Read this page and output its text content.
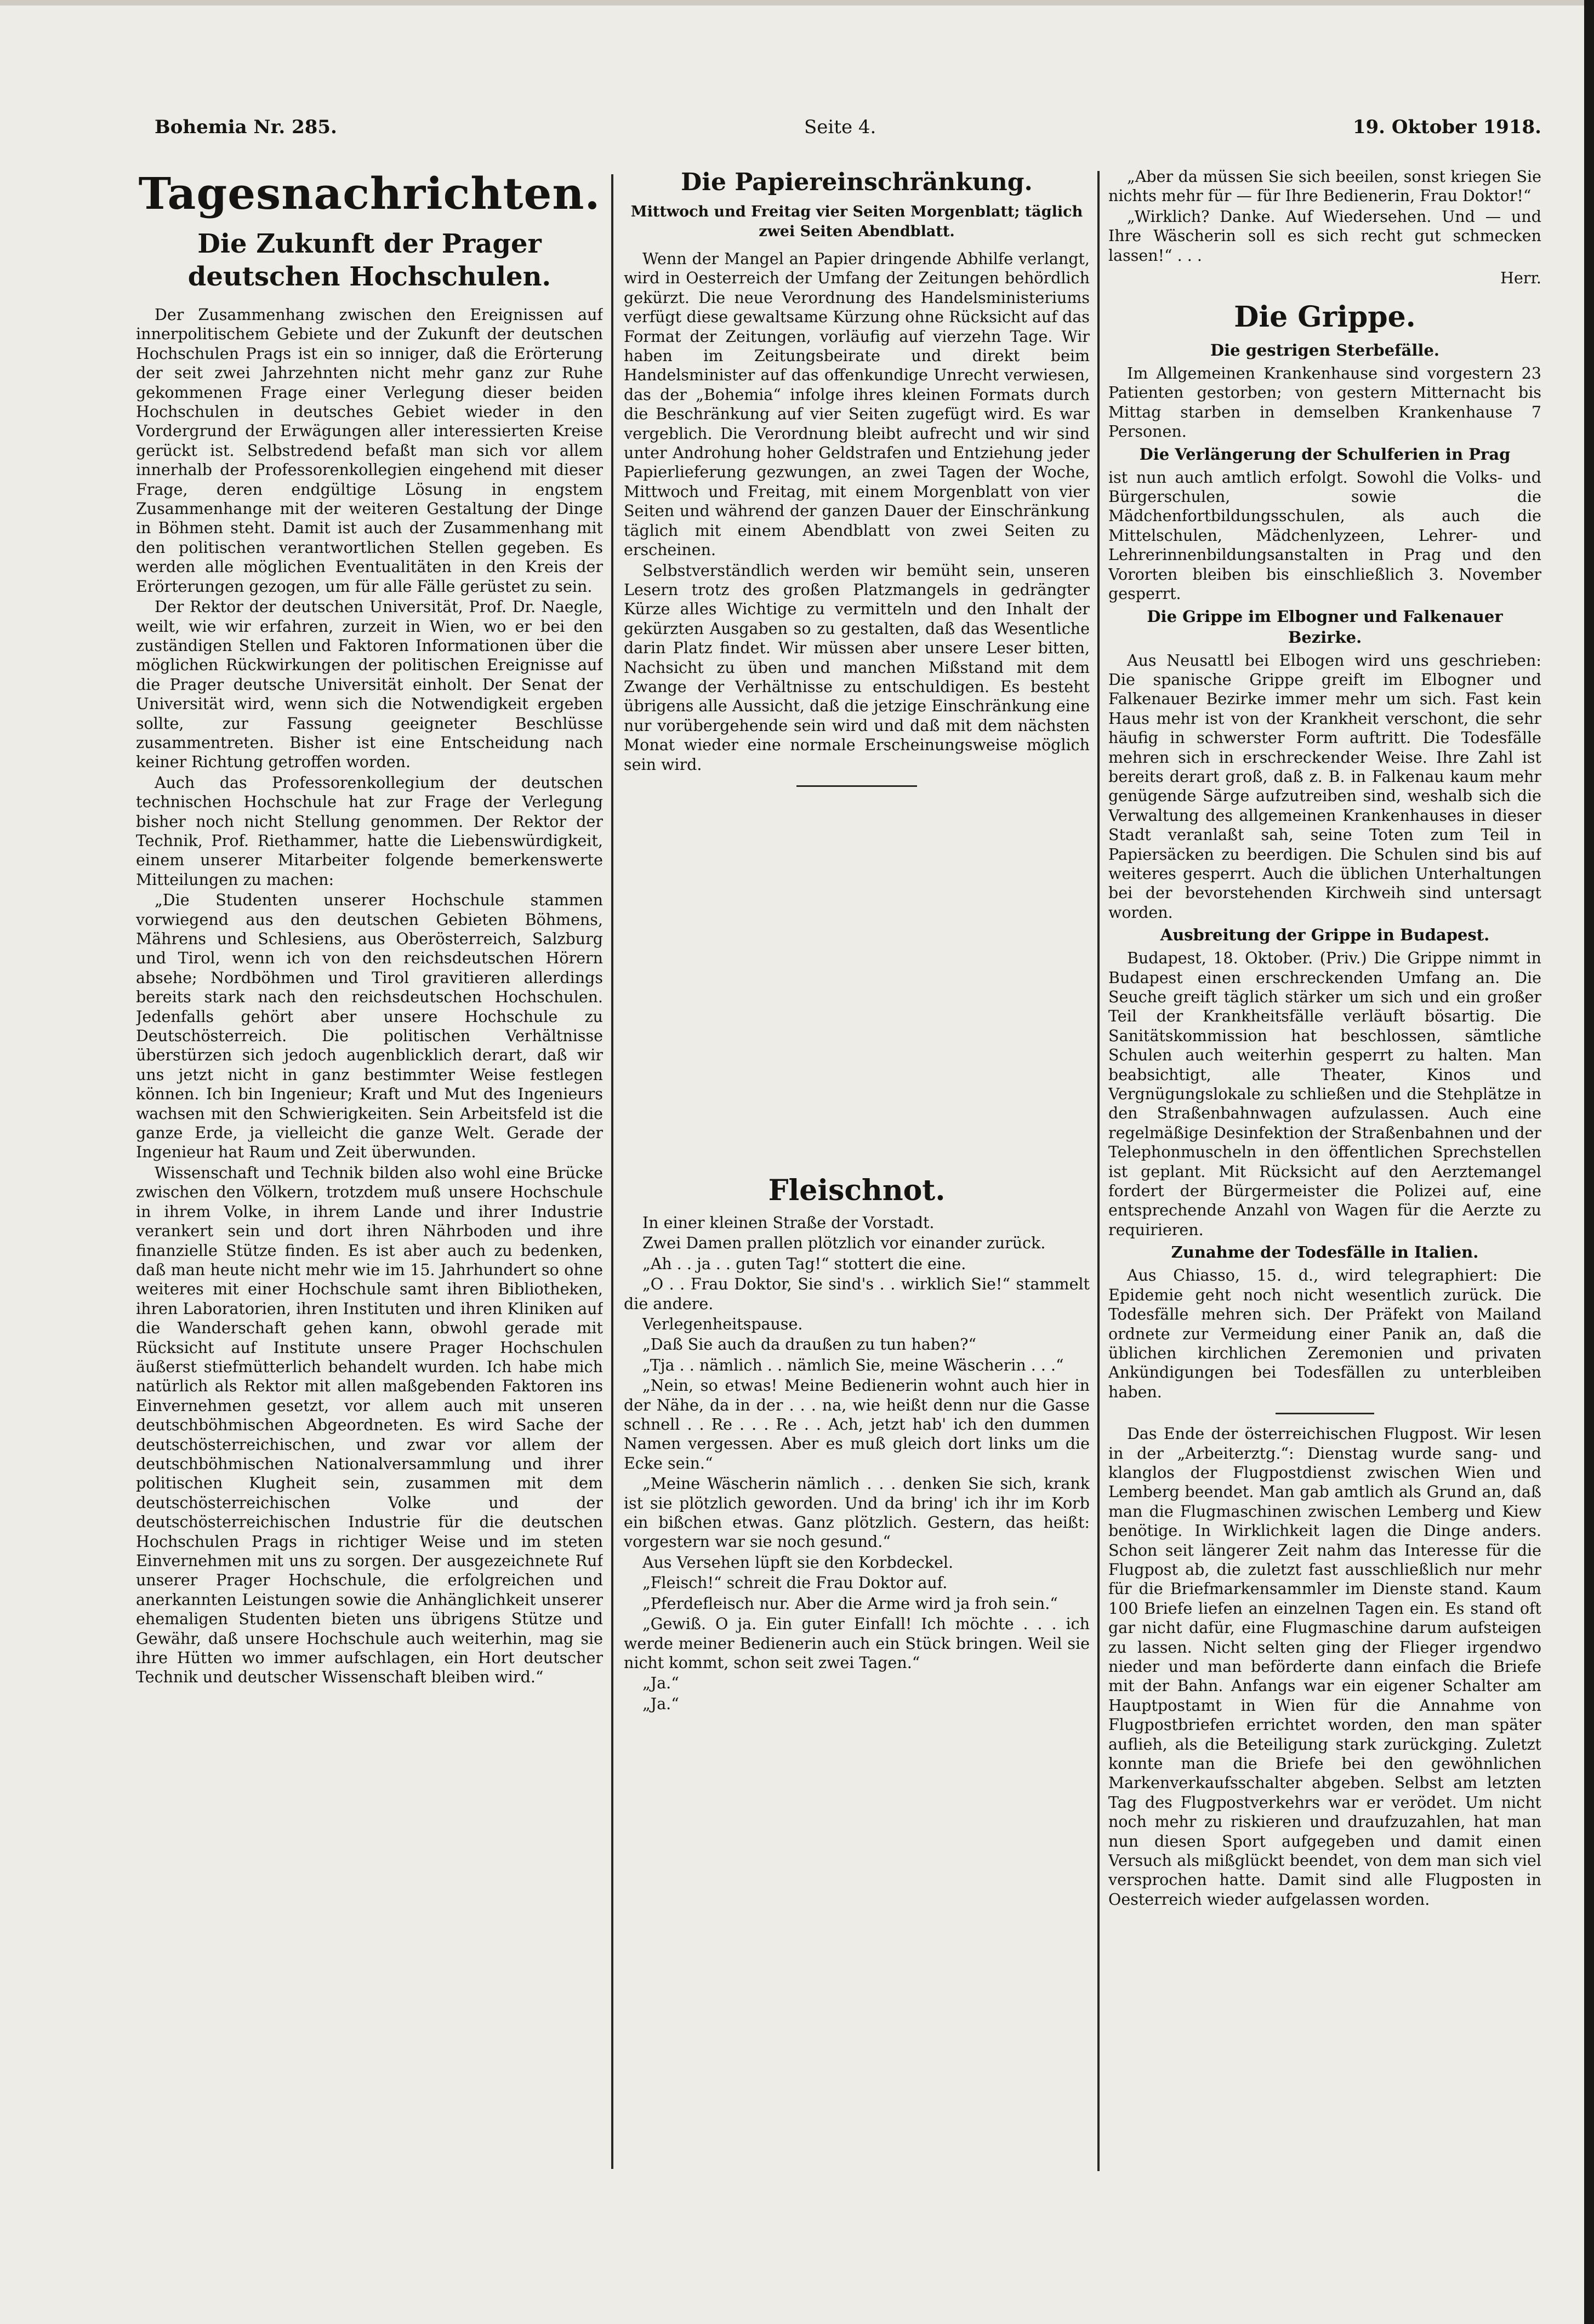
Bohemia Nr. 285.	Seite 4.	19. Oktober 1918.
Tagesnachrichten.
Die Zukunft der Prager deutschen Hochschulen.

Der Zusammenhang zwischen den Ereignissen auf innerpolitischem Gebiete und der Zukunft der deutschen Hochschulen Prags ist ein so inniger, daß die Erörterung der seit zwei Jahrzehnten nicht mehr ganz zur Ruhe gekommenen Frage einer Verlegung dieser beiden Hochschulen in deutsches Gebiet wieder in den Vordergrund der Erwägungen aller interessierten Kreise gerückt ist. Selbstredend befaßt man sich vor allem innerhalb der Professorenkollegien eingehend mit dieser Frage, deren endgültige Lösung in engstem Zusammenhange mit der weiteren Gestaltung der Dinge in Böhmen steht. Damit ist auch der Zusammenhang mit den politischen verantwortlichen Stellen gegeben. Es werden alle möglichen Eventualitäten in den Kreis der Erörterungen gezogen, um für alle Fälle gerüstet zu sein.

Der Rektor der deutschen Universität, Prof. Dr. Naegle, weilt, wie wir erfahren, zurzeit in Wien, wo er bei den zuständigen Stellen und Faktoren Informationen über die möglichen Rückwirkungen der politischen Ereignisse auf die Prager deutsche Universität einholt. Der Senat der Universität wird, wenn sich die Notwendigkeit ergeben sollte, zur Fassung geeigneter Beschlüsse zusammentreten. Bisher ist eine Entscheidung nach keiner Richtung getroffen worden.

Auch das Professorenkollegium der deutschen technischen Hochschule hat zur Frage der Verlegung bisher noch nicht Stellung genommen. Der Rektor der Technik, Prof. Riethammer, hatte die Liebenswürdigkeit, einem unserer Mitarbeiter folgende bemerkenswerte Mitteilungen zu machen:

„Die Studenten unserer Hochschule stammen vorwiegend aus den deutschen Gebieten Böhmens, Mährens und Schlesiens, aus Oberösterreich, Salzburg und Tirol, wenn ich von den reichsdeutschen Hörern absehe; Nordböhmen und Tirol gravitieren allerdings bereits stark nach den reichsdeutschen Hochschulen. Jedenfalls gehört aber unsere Hochschule zu Deutschösterreich. Die politischen Verhältnisse überstürzen sich jedoch augenblicklich derart, daß wir uns jetzt nicht in ganz bestimmter Weise festlegen können. Ich bin Ingenieur; Kraft und Mut des Ingenieurs wachsen mit den Schwierigkeiten. Sein Arbeitsfeld ist die ganze Erde, ja vielleicht die ganze Welt. Gerade der Ingenieur hat Raum und Zeit überwunden.

Wissenschaft und Technik bilden also wohl eine Brücke zwischen den Völkern, trotzdem muß unsere Hochschule in ihrem Volke, in ihrem Lande und ihrer Industrie verankert sein und dort ihren Nährboden und ihre finanzielle Stütze finden. Es ist aber auch zu bedenken, daß man heute nicht mehr wie im 15. Jahrhundert so ohne weiteres mit einer Hochschule samt ihren Bibliotheken, ihren Laboratorien, ihren Instituten und ihren Kliniken auf die Wanderschaft gehen kann, obwohl gerade mit Rücksicht auf Institute unsere Prager Hochschulen äußerst stiefmütterlich behandelt wurden. Ich habe mich natürlich als Rektor mit allen maßgebenden Faktoren ins Einvernehmen gesetzt, vor allem auch mit unseren deutschböhmischen Abgeordneten. Es wird Sache der deutschösterreichischen, und zwar vor allem der deutschböhmischen Nationalversammlung und ihrer politischen Klugheit sein, zusammen mit dem deutschösterreichischen Volke und der deutschösterreichischen Industrie für die deutschen Hochschulen Prags in richtiger Weise und im steten Einvernehmen mit uns zu sorgen. Der ausgezeichnete Ruf unserer Prager Hochschule, die erfolgreichen und anerkannten Leistungen sowie die Anhänglichkeit unserer ehemaligen Studenten bieten uns übrigens Stütze und Gewähr, daß unsere Hochschule auch weiterhin, mag sie ihre Hütten wo immer aufschlagen, ein Hort deutscher Technik und deutscher Wissenschaft bleiben wird.“

Die Papiereinschränkung.
Mittwoch und Freitag vier Seiten Morgenblatt; täglich zwei Seiten Abendblatt.

Wenn der Mangel an Papier dringende Abhilfe verlangt, wird in Oesterreich der Umfang der Zeitungen behördlich gekürzt. Die neue Verordnung des Handelsministeriums verfügt diese gewaltsame Kürzung ohne Rücksicht auf das Format der Zeitungen, vorläufig auf vierzehn Tage. Wir haben im Zeitungsbeirate und direkt beim Handelsminister auf das offenkundige Unrecht verwiesen, das der „Bohemia“ infolge ihres kleinen Formats durch die Beschränkung auf vier Seiten zugefügt wird. Es war vergeblich. Die Verordnung bleibt aufrecht und wir sind unter Androhung hoher Geldstrafen und Entziehung jeder Papierlieferung gezwungen, an zwei Tagen der Woche, Mittwoch und Freitag, mit einem Morgenblatt von vier Seiten und während der ganzen Dauer der Einschränkung täglich mit einem Abendblatt von zwei Seiten zu erscheinen.

Selbstverständlich werden wir bemüht sein, unseren Lesern trotz des großen Platzmangels in gedrängter Kürze alles Wichtige zu vermitteln und den Inhalt der gekürzten Ausgaben so zu gestalten, daß das Wesentliche darin Platz findet. Wir müssen aber unsere Leser bitten, Nachsicht zu üben und manchen Mißstand mit dem Zwange der Verhältnisse zu entschuldigen. Es besteht übrigens alle Aussicht, daß die jetzige Einschränkung eine nur vorübergehende sein wird und daß mit dem nächsten Monat wieder eine normale Erscheinungsweise möglich sein wird.

Fleischnot.

In einer kleinen Straße der Vorstadt.

Zwei Damen prallen plötzlich vor einander zurück.

„Ah . . ja . . guten Tag!“ stottert die eine.

„O . . Frau Doktor, Sie sind's . . wirklich Sie!“ stammelt die andere.

Verlegenheitspause.

„Daß Sie auch da draußen zu tun haben?“

„Tja . . nämlich . . nämlich Sie, meine Wäscherin . . .“

„Nein, so etwas! Meine Bedienerin wohnt auch hier in der Nähe, da in der . . . na, wie heißt denn nur die Gasse schnell . . Re . . . Re . . Ach, jetzt hab' ich den dummen Namen vergessen. Aber es muß gleich dort links um die Ecke sein.“

„Meine Wäscherin nämlich . . . denken Sie sich, krank ist sie plötzlich geworden. Und da bring' ich ihr im Korb ein bißchen etwas. Ganz plötzlich. Gestern, das heißt: vorgestern war sie noch gesund.“

Aus Versehen lüpft sie den Korbdeckel.

„Fleisch!“ schreit die Frau Doktor auf.

„Pferdefleisch nur. Aber die Arme wird ja froh sein.“

„Gewiß. O ja. Ein guter Einfall! Ich möchte . . . ich werde meiner Bedienerin auch ein Stück bringen. Weil sie nicht kommt, schon seit zwei Tagen.“

„Ja.“

„Ja.“

„Aber da müssen Sie sich beeilen, sonst kriegen Sie nichts mehr für — für Ihre Bedienerin, Frau Doktor!“

„Wirklich? Danke. Auf Wiedersehen. Und — und Ihre Wäscherin soll es sich recht gut schmecken lassen!“ . . .

Herr.
Die Grippe.
Die gestrigen Sterbefälle.

Im Allgemeinen Krankenhause sind vorgestern 23 Patienten gestorben; von gestern Mitternacht bis Mittag starben in demselben Krankenhause 7 Personen.

Die Verlängerung der Schulferien in Prag

ist nun auch amtlich erfolgt. Sowohl die Volks- und Bürgerschulen, sowie die Mädchenfortbildungsschulen, als auch die Mittelschulen, Mädchenlyzeen, Lehrer- und Lehrerinnenbildungsanstalten in Prag und den Vororten bleiben bis einschließlich 3. November gesperrt.

Die Grippe im Elbogner und Falkenauer Bezirke.

Aus Neusattl bei Elbogen wird uns geschrieben: Die spanische Grippe greift im Elbogner und Falkenauer Bezirke immer mehr um sich. Fast kein Haus mehr ist von der Krankheit verschont, die sehr häufig in schwerster Form auftritt. Die Todesfälle mehren sich in erschreckender Weise. Ihre Zahl ist bereits derart groß, daß z. B. in Falkenau kaum mehr genügende Särge aufzutreiben sind, weshalb sich die Verwaltung des allgemeinen Krankenhauses in dieser Stadt veranlaßt sah, seine Toten zum Teil in Papiersäcken zu beerdigen. Die Schulen sind bis auf weiteres gesperrt. Auch die üblichen Unterhaltungen bei der bevorstehenden Kirchweih sind untersagt worden.

Ausbreitung der Grippe in Budapest.

Budapest, 18. Oktober. (Priv.) Die Grippe nimmt in Budapest einen erschreckenden Umfang an. Die Seuche greift täglich stärker um sich und ein großer Teil der Krankheitsfälle verläuft bösartig. Die Sanitätskommission hat beschlossen, sämtliche Schulen auch weiterhin gesperrt zu halten. Man beabsichtigt, alle Theater, Kinos und Vergnügungslokale zu schließen und die Stehplätze in den Straßenbahnwagen aufzulassen. Auch eine regelmäßige Desinfektion der Straßenbahnen und der Telephonmuscheln in den öffentlichen Sprechstellen ist geplant. Mit Rücksicht auf den Aerztemangel fordert der Bürgermeister die Polizei auf, eine entsprechende Anzahl von Wagen für die Aerzte zu requirieren.

Zunahme der Todesfälle in Italien.

Aus Chiasso, 15. d., wird telegraphiert: Die Epidemie geht noch nicht wesentlich zurück. Die Todesfälle mehren sich. Der Präfekt von Mailand ordnete zur Vermeidung einer Panik an, daß die üblichen kirchlichen Zeremonien und privaten Ankündigungen bei Todesfällen zu unterbleiben haben.

Das Ende der österreichischen Flugpost. Wir lesen in der „Arbeiterztg.“: Dienstag wurde sang- und klanglos der Flugpostdienst zwischen Wien und Lemberg beendet. Man gab amtlich als Grund an, daß man die Flugmaschinen zwischen Lemberg und Kiew benötige. In Wirklichkeit lagen die Dinge anders. Schon seit längerer Zeit nahm das Interesse für die Flugpost ab, die zuletzt fast ausschließlich nur mehr für die Briefmarkensammler im Dienste stand. Kaum 100 Briefe liefen an einzelnen Tagen ein. Es stand oft gar nicht dafür, eine Flugmaschine darum aufsteigen zu lassen. Nicht selten ging der Flieger irgendwo nieder und man beförderte dann einfach die Briefe mit der Bahn. Anfangs war ein eigener Schalter am Hauptpostamt in Wien für die Annahme von Flugpostbriefen errichtet worden, den man später auflieh, als die Beteiligung stark zurückging. Zuletzt konnte man die Briefe bei den gewöhnlichen Markenverkaufsschalter abgeben. Selbst am letzten Tag des Flugpostverkehrs war er verödet. Um nicht noch mehr zu riskieren und draufzuzahlen, hat man nun diesen Sport aufgegeben und damit einen Versuch als mißglückt beendet, von dem man sich viel versprochen hatte. Damit sind alle Flugposten in Oesterreich wieder aufgelassen worden.
